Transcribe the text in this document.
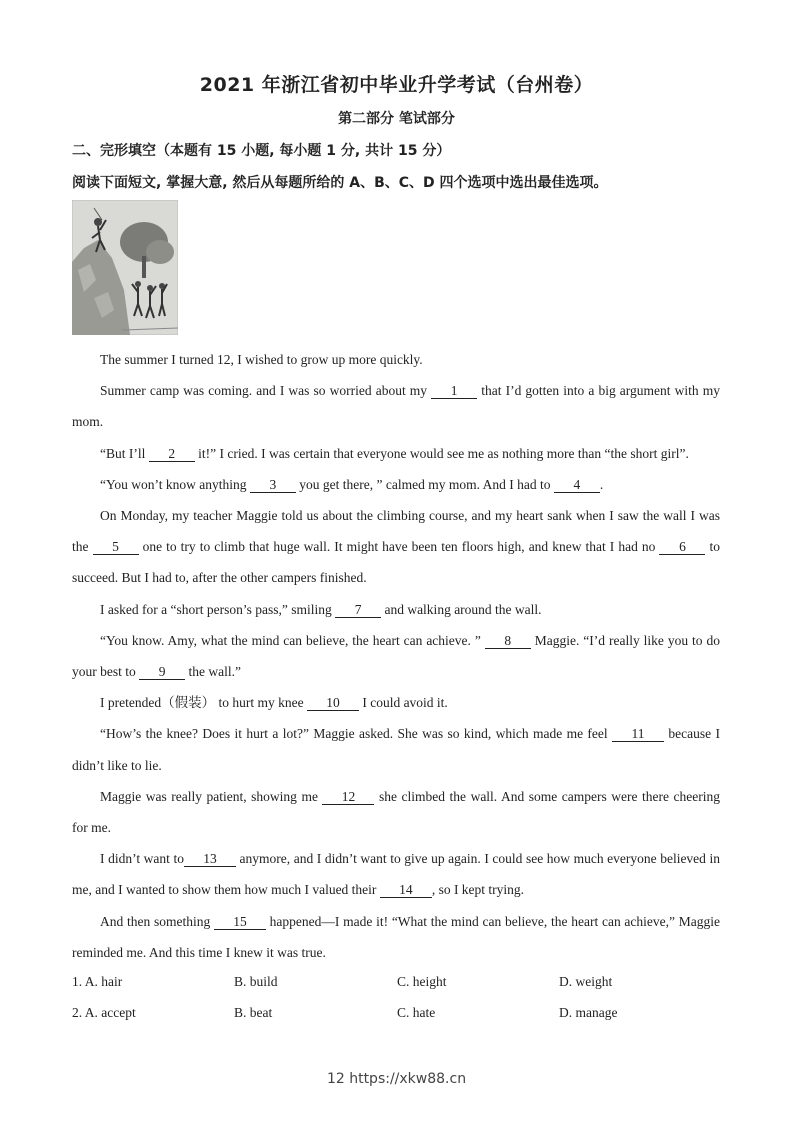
2021 年浙江省初中毕业升学考试（台州卷）
第二部分 笔试部分
二、完形填空（本题有 15 小题, 每小题 1 分, 共计 15 分）
阅读下面短文, 掌握大意, 然后从每题所给的 A、B、C、D 四个选项中选出最佳选项。

The summer I turned 12, I wished to grow up more quickly.

Summer camp was coming. and I was so worried about my 1 that I’d gotten into a big argument with my mom.

“But I’ll 2 it!” I cried. I was certain that everyone would see me as nothing more than “the short girl”.

“You won’t know anything 3 you get there, ” calmed my mom. And I had to 4 .

On Monday, my teacher Maggie told us about the climbing course, and my heart sank when I saw the wall I was the 5 one to try to climb that huge wall. It might have been ten floors high, and knew that I had no 6 to succeed. But I had to, after the other campers finished.

I asked for a “short person’s pass,” smiling 7 and walking around the wall.

“You know. Amy, what the mind can believe, the heart can achieve. ” 8 Maggie. “I’d really like you to do your best to 9 the wall.”

I pretended（假装） to hurt my knee 10 I could avoid it.

“How’s the knee? Does it hurt a lot?” Maggie asked. She was so kind, which made me feel 11 because I didn’t like to lie.

Maggie was really patient, showing me 12 she climbed the wall. And some campers were there cheering for me.

I didn’t want to 13 anymore, and I didn’t want to give up again. I could see how much everyone believed in me, and I wanted to show them how much I valued their 14 , so I kept trying.

And then something 15 happened—I made it! “What the mind can believe, the heart can achieve,” Maggie reminded me. And this time I knew it was true.

1. A. hair	B. build	C. height	D. weight
2. A. accept	B. beat	C. hate	D. manage
12 https://xkw88.cn
